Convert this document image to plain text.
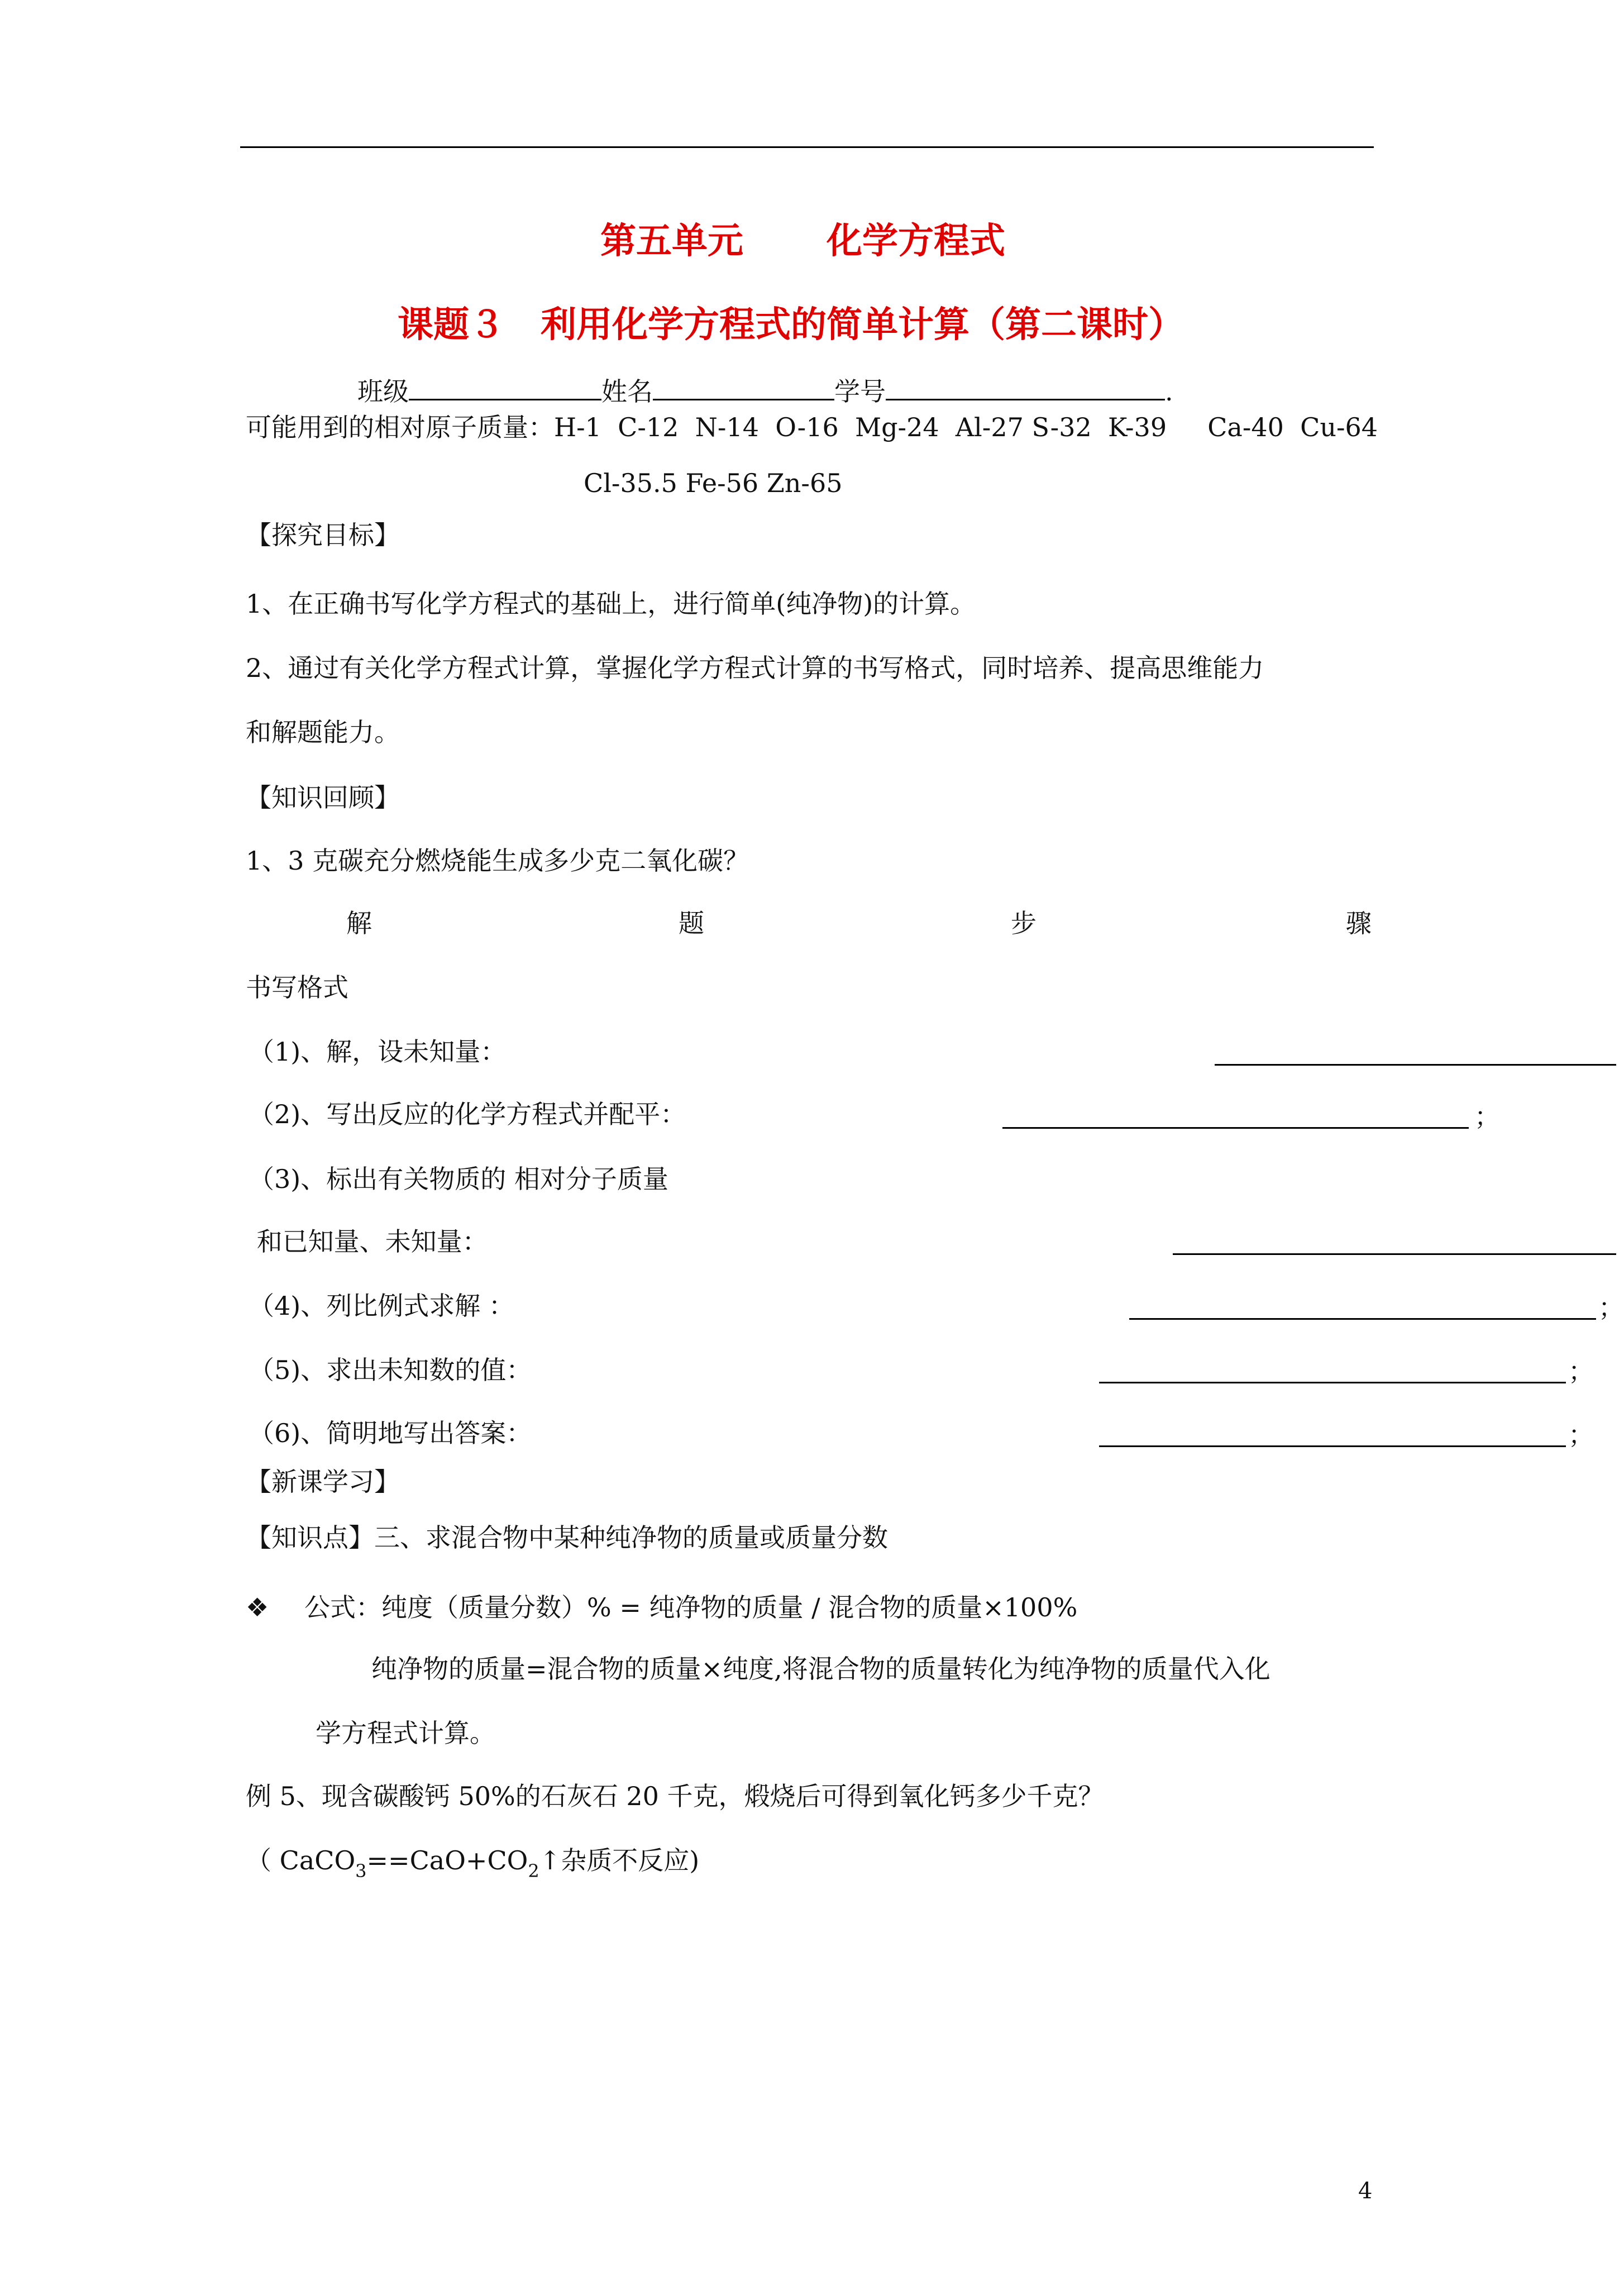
第五单元 化学方程式
课题３　利用化学方程式的简单计算（第二课时）
班级	姓名	学号	.
可能用到的相对原子质量：H-1  C-12  N-14  O-16  Mg-24  Al-27 S-32  K-39     Ca-40  Cu-64
Cl-35.5 Fe-56 Zn-65
【探究目标】
1、在正确书写化学方程式的基础上，进行简单(纯净物)的计算。
2、通过有关化学方程式计算，掌握化学方程式计算的书写格式，同时培养、提高思维能力
和解题能力。
【知识回顾】
1、3 克碳充分燃烧能生成多少克二氧化碳？
解	题	步	骤
书写格式
（1)、解，设未知量：
（2)、写出反应的化学方程式并配平：	；
（3)、标出有关物质的 相对分子质量
和已知量、未知量：
（4)、列比例式求解 ：	；
（5)、求出未知数的值：	；
（6)、简明地写出答案：	；
【新课学习】
【知识点】三、求混合物中某种纯净物的质量或质量分数
❖ 公式：纯度（质量分数）% = 纯净物的质量 / 混合物的质量×100%
纯净物的质量=混合物的质量×纯度,将混合物的质量转化为纯净物的质量代入化
学方程式计算。
例 5、现含碳酸钙 50%的石灰石 20 千克，煅烧后可得到氧化钙多少千克？
（ $CaCO_3==CaO+CO_2↑$杂质不反应)
4
